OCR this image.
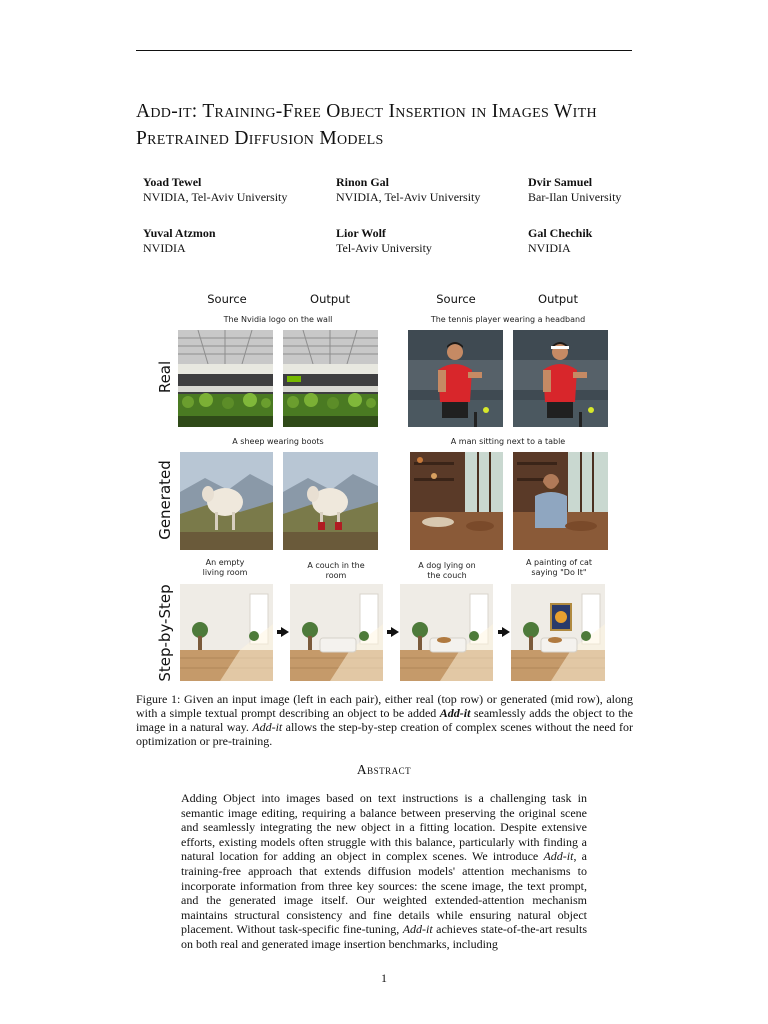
Add-it: Training-Free Object Insertion in Images With Pretrained Diffusion Models
Yoad Tewel
NVIDIA, Tel-Aviv University
Rinon Gal
NVIDIA, Tel-Aviv University
Dvir Samuel
Bar-Ilan University
Yuval Atzmon
NVIDIA
Lior Wolf
Tel-Aviv University
Gal Chechik
NVIDIA
Source	Output	Source	Output
Real
Generated
Step-by-Step
The Nvidia logo on the wall	The tennis player wearing a headband
A sheep wearing boots	A man sitting next to a table
An empty living room
A couch in the room
A dog lying on the couch
A painting of cat saying "Do It"
Figure 1: Given an input image (left in each pair), either real (top row) or generated (mid row), along with a simple textual prompt describing an object to be added Add-it seamlessly adds the object to the image in a natural way. Add-it allows the step-by-step creation of complex scenes without the need for optimization or pre-training.
Abstract
Adding Object into images based on text instructions is a challenging task in semantic image editing, requiring a balance between preserving the original scene and seamlessly integrating the new object in a fitting location. Despite extensive efforts, existing models often struggle with this balance, particularly with finding a natural location for adding an object in complex scenes. We introduce Add-it, a training-free approach that extends diffusion models' attention mechanisms to incorporate information from three key sources: the scene image, the text prompt, and the generated image itself. Our weighted extended-attention mechanism maintains structural consistency and fine details while ensuring natural object placement. Without task-specific fine-tuning, Add-it achieves state-of-the-art results on both real and generated image insertion benchmarks, including
1
